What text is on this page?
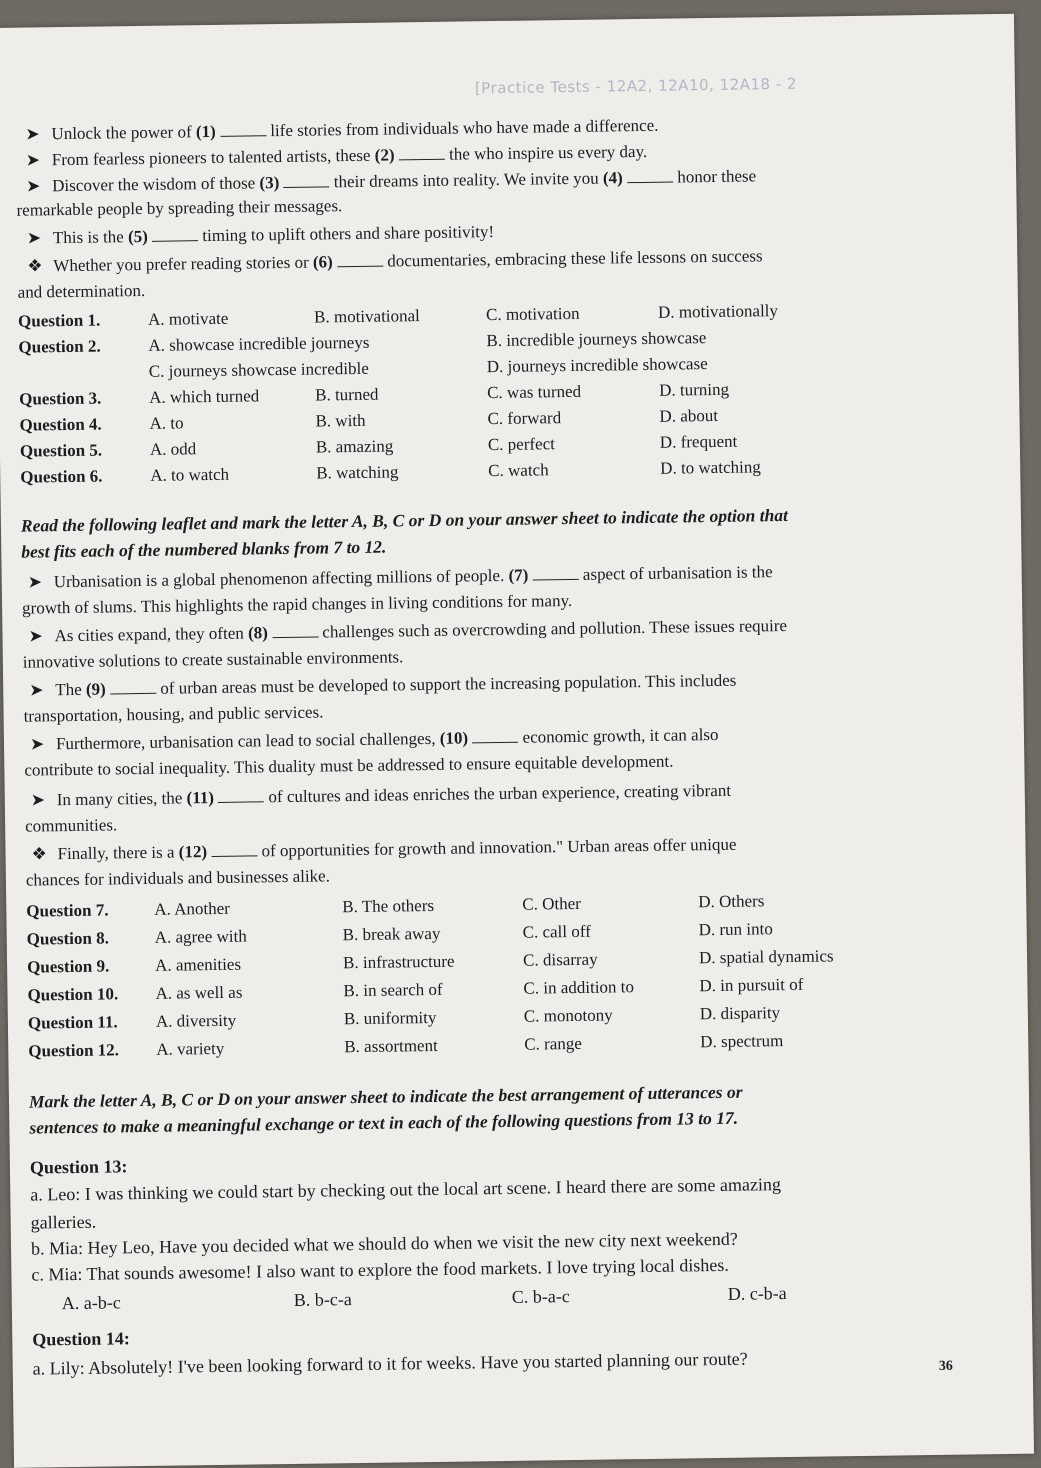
[Practice Tests - 12A2, 12A10, 12A18 - 2
➤ Unlock the power of (1)	life stories from individuals who have made a difference.
➤ From fearless pioneers to talented artists, these (2)	the who inspire us every day.
➤ Discover the wisdom of those (3)	their dreams into reality. We invite you (4)	honor these
remarkable people by spreading their messages.
➤ This is the (5)	timing to uplift others and share positivity!
❖ Whether you prefer reading stories or (6)	documentaries, embracing these life lessons on success
and determination.
Question 1.	A. motivate	B. motivational	C. motivation	D. motivationally
Question 2.	A. showcase incredible journeys	B. incredible journeys showcase
C. journeys showcase incredible	D. journeys incredible showcase
Question 3.	A. which turned	B. turned	C. was turned	D. turning
Question 4.	A. to	B. with	C. forward	D. about
Question 5.	A. odd	B. amazing	C. perfect	D. frequent
Question 6.	A. to watch	B. watching	C. watch	D. to watching
Read the following leaflet and mark the letter A, B, C or D on your answer sheet to indicate the option that
best fits each of the numbered blanks from 7 to 12.
➤ Urbanisation is a global phenomenon affecting millions of people. (7)	aspect of urbanisation is the
growth of slums. This highlights the rapid changes in living conditions for many.
➤ As cities expand, they often (8)	challenges such as overcrowding and pollution. These issues require
innovative solutions to create sustainable environments.
➤ The (9)	of urban areas must be developed to support the increasing population. This includes
transportation, housing, and public services.
➤ Furthermore, urbanisation can lead to social challenges, (10)	economic growth, it can also
contribute to social inequality. This duality must be addressed to ensure equitable development.
➤ In many cities, the (11)	of cultures and ideas enriches the urban experience, creating vibrant
communities.
❖ Finally, there is a (12)	of opportunities for growth and innovation." Urban areas offer unique
chances for individuals and businesses alike.
Question 7.	A. Another	B. The others	C. Other	D. Others
Question 8.	A. agree with	B. break away	C. call off	D. run into
Question 9.	A. amenities	B. infrastructure	C. disarray	D. spatial dynamics
Question 10. A. as well as	B. in search of	C. in addition to	D. in pursuit of
Question 11. A. diversity	B. uniformity	C. monotony	D. disparity
Question 12. A. variety	B. assortment	C. range	D. spectrum
Mark the letter A, B, C or D on your answer sheet to indicate the best arrangement of utterances or
sentences to make a meaningful exchange or text in each of the following questions from 13 to 17.
Question 13:
a. Leo: I was thinking we could start by checking out the local art scene. I heard there are some amazing
galleries.
b. Mia: Hey Leo, Have you decided what we should do when we visit the new city next weekend?
c. Mia: That sounds awesome! I also want to explore the food markets. I love trying local dishes.
A. a-b-c	B. b-c-a	C. b-a-c	D. c-b-a
Question 14:
a. Lily: Absolutely! I've been looking forward to it for weeks. Have you started planning our route?	36
